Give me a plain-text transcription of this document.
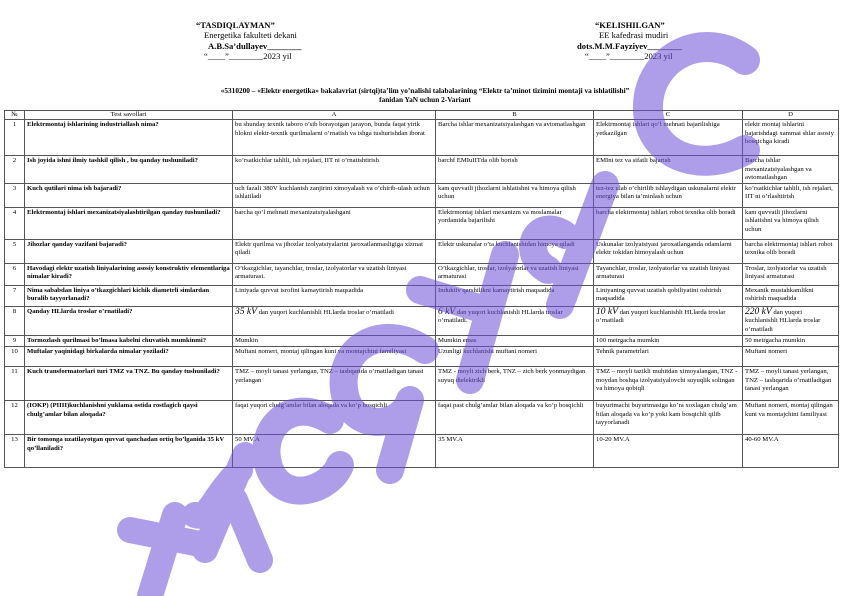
“TASDIQLAYMAN”
Energetika fakulteti dekani
A.B.Sa’dullayev________
“____”________2023 yil
“KELISHILGAN”
EE kafedrasi mudiri
dots.M.M.Fayziyev________
“____”________2023 yil
«5310200 – «Elektr energetika» bakalavriat (sirtqi)ta’lim yo’nalishi talabalarining “Elektr ta’minot tizimini montaji va ishlatilishi”
fanidan YaN uchun 2-Variant
№	Test savollari	A	B	C	D
1	Elektrmontaj ishlarining industriallash nima?	bu shunday texnik taboro o’sib borayotgan jarayon, bunda faqat yirik blokni elektr-texnik qurilmalarni o’rnatish va ishga tushurishdan iborat	Barcha ishlar mexanizatsiyalashgan va avtomatlashgan	Elektrmontaj ishlari qo’l mehnati bajarilishiga yetkazilgan	elektr montaj ishlarini bajarishdagi xammai shlar asosiy bosqichga kiradi
2	Ish joyida ishni ilmiy tashkil qilish , bu qanday tushuniladi?	ko’rsatkichlar tahlili, ish rejalari, IIT ni o’rnatishtirish	barchf EMIuIITda olib borish	EMIni tez va sifatli bajarish	Barcha ishlar mexanizatsiyalashgan va avtomatlashgan
3	Kuch qutilari nima ish bajaradi?	uch fazali 380V kuchlanish zanjirini ximoyalash va o’chirib-ulash uchun ishlatiladi	kam quvvatli jihozlarni ishlatishni va himoya qilish uchun	tez-tez ulab o’chirilib ishlaydigan uskunalarni elektr energiya bilan ta’minlash uchun	ko’rsatkichlar tahlili, ish rejalari, IIT ni o’rlashtirish
4	Elektrmontaj ishlari mexanizatsiyalashtirilgan qanday tushuniladi?	barcha qo’l mehnati mexanizatsiyalashgani	Elektrmontaj ishlari mexanizm va moslamalar yordamida bajarilishi	barcha elektrmontaj ishlari robot texnika olib boradi	kam quvvatli jihozlarni ishlatishni va himoya qilish uchun
5	Jihozlar qanday vazifani bajaradi?	Elektr qurilma va jihozlar izolyatsiyalarini jaroxatlanmasligiga xizmat qiladi	Elektr uskunalar o’ta kuchlanishidan himoya qiladi	Uskunalar izolyatsiyasi jaroxatlanganda odamlarni elektr tokidan himoyalash uchun	barcha elektrmontaj ishlari robot texnika olib boradi
6	Havodagi elektr uzatish liniyalarining asosiy konstruktiv elementlariga nimalar kiradi?	O’tkazgichlar, tayanchlar, troslar, izolyatorlar va uzatish liniyasi armaturasi.	O’tkazgichlar, troslar, izolyatorlar va uzatish liniyasi armaturasi	Tayanchlar, troslar, izolyatorlar va uzatish liniyasi armaturasi	Troslar, izolyatorlar va uzatish liniyasi armaturasi
7	Nima sababdan liniya o’tkazgichlari kichik diametrli simlardan buralib tayyorlanadi?	Liniyada quvvat isrofini kamaytirish maqsadida	Induktiv qarshilikni kamaytirish maqsadida	Liniyaning quvvat uzatish qobiliyatini oshirish maqsadida	Mexanik mustahkamlikni oshirish maqsadida
8	Qanday HLlarda troslar o’rnatiladi?	35 kV dan yuqori kuchlanishli HLlarda troslar o’rnatiladi	6 kV dan yuqori kuchlanishli HLlarda troslar o’rnatiladi.	10 kV dan yuqori kuchlanishli HLlarda troslar o’rnatiladi	220 kV dan yuqori kuchlanishli HLlarda troslar o’rnatiladi
9	Tormozlash qurilmasi bo’lmasa kabelni chuvatish mumkinmi?	Mumkin	Mumkin emas	100 metrgacha mumkin	50 metrgacha mumkin
10	Muftalar yaqinidagi birkalarda nimalar yoziladi?	Muftani nomeri, montaj qilingan kuni va montajchini familiyasi	Uzunligi kuchlanishi muftani nomeri	Tehnik parametrlari	Muftani nomeri
11	Kuch transformatorlari turi TMZ va TNZ. Bu qanday tushuniladi?	TMZ – moyli tanasi yerlangan, TNZ – tashqarida o’rnatiladigan tanasi yerlangan	TMZ - moyli zich berk, TNZ – zich berk yonmaydigan suyuq dielektrikli	TMZ – moyli tazikli muhitdan ximoyalangan, TNZ - moydan boshqa izolyatsiyalovchi suyuqlik solingan va himoya qobiqli	TMZ – moyli tanasi yerlangan, TNZ – tashqarida o’rnatiladigan tanasi yerlangan
12	(IOKP) (PIIII)kuchlanishni yuklama ostida rostlagich qaysi chulg’amlar bilan aloqada?	faqat yuqori chulg’amlar bilan aloqada va ko’p bosqichli	faqat past chulg’amlar bilan aloqada va ko’p bosqichli	buyurtmachi buyurtmasiga ko’ra xoxlagan chulg’am bilan aloqada va ko’p yoki kam bosqichli qilib tayyorlanadi	Muftani nomeri, montaj qilingan kuni va montajchini familiyasi
13	Bir tomonga uzatilayotgan quvvat qanchadan ortiq bo’lganida 35 kV qo’llaniladi?	50 MV.A	35 MV.A	10-20 MV.A	40-60 MV.A
